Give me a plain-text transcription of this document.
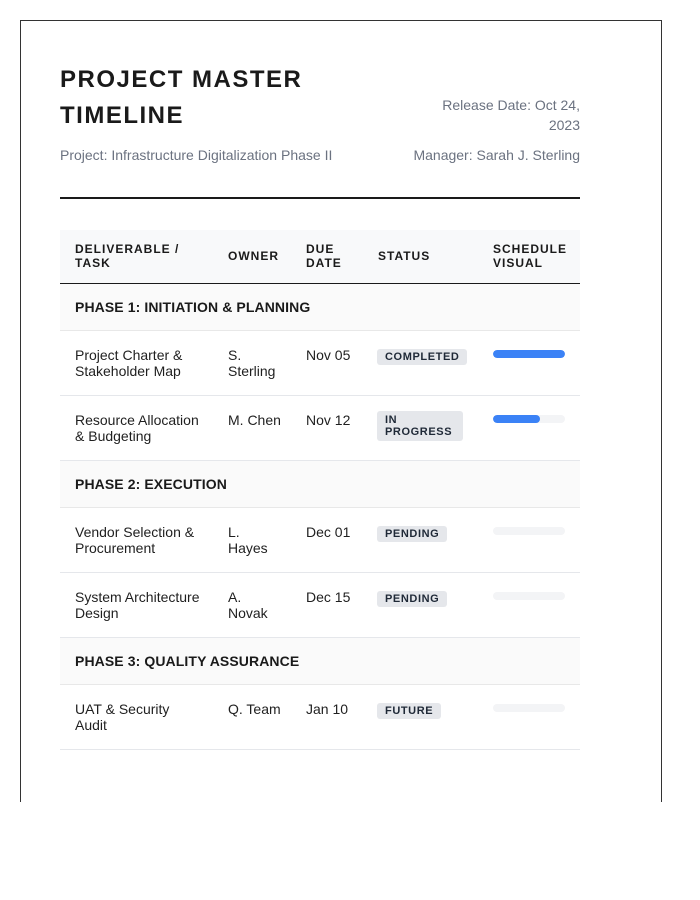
PROJECT MASTER TIMELINE
Project: Infrastructure Digitalization Phase II
Release Date: Oct 24, 2023
Manager: Sarah J. Sterling
DELIVERABLE / TASK	OWNER	DUE DATE	STATUS	SCHEDULE VISUAL
PHASE 1: INITIATION & PLANNING				
Project Charter & Stakeholder Map	S. Sterling	Nov 05	COMPLETED	

Resource Allocation & Budgeting	M. Chen	Nov 12	IN PROGRESS	

PHASE 2: EXECUTION				
Vendor Selection & Procurement	L. Hayes	Dec 01	PENDING	

System Architecture Design	A. Novak	Dec 15	PENDING	

PHASE 3: QUALITY ASSURANCE				
UAT & Security Audit	Q. Team	Jan 10	FUTURE	
